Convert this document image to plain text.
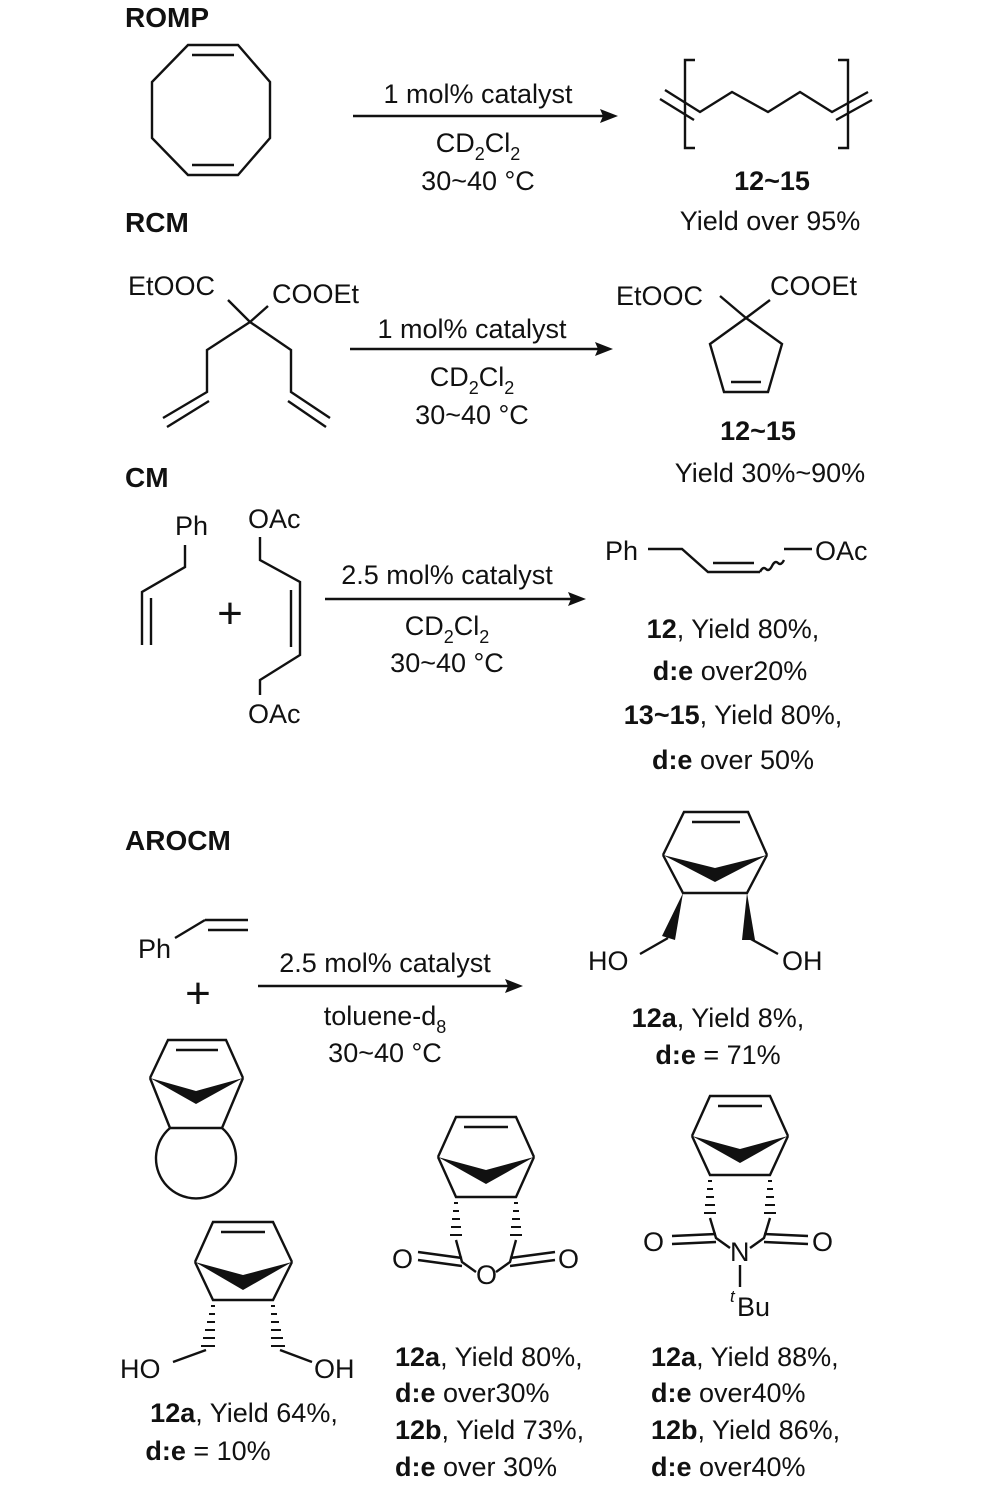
ROMP
1 mol% catalyst
$CD_2Cl_2$
30~40 °C	12~15
Yield over 95%
RCM
EtOOC COOEt
1 mol% catalyst
$CD_2Cl_2$
30~40 °C
EtOOC COOEt
12~15
Yield 30%~90%
CM
Ph
+
OAc
OAc
2.5 mol% catalyst
$CD_2Cl_2$
30~40 °C
Ph	OAc
12, Yield 80%,
d:e over20%
13~15, Yield 80%,
d:e over 50%
AROCM
Ph
+
2.5 mol% catalyst
toluene-$d_8$
30~40 °C
HO	OH
12a, Yield 8%,
d:e = 71%
HO	OH
12a, Yield 64%,
d:e = 10%
O
O
O
12a, Yield 80%,
d:e over30%
12b, Yield 73%,
d:e over 30%
O N O
t Bu
12a, Yield 88%,
d:e over40%
12b, Yield 86%,
d:e over40%
